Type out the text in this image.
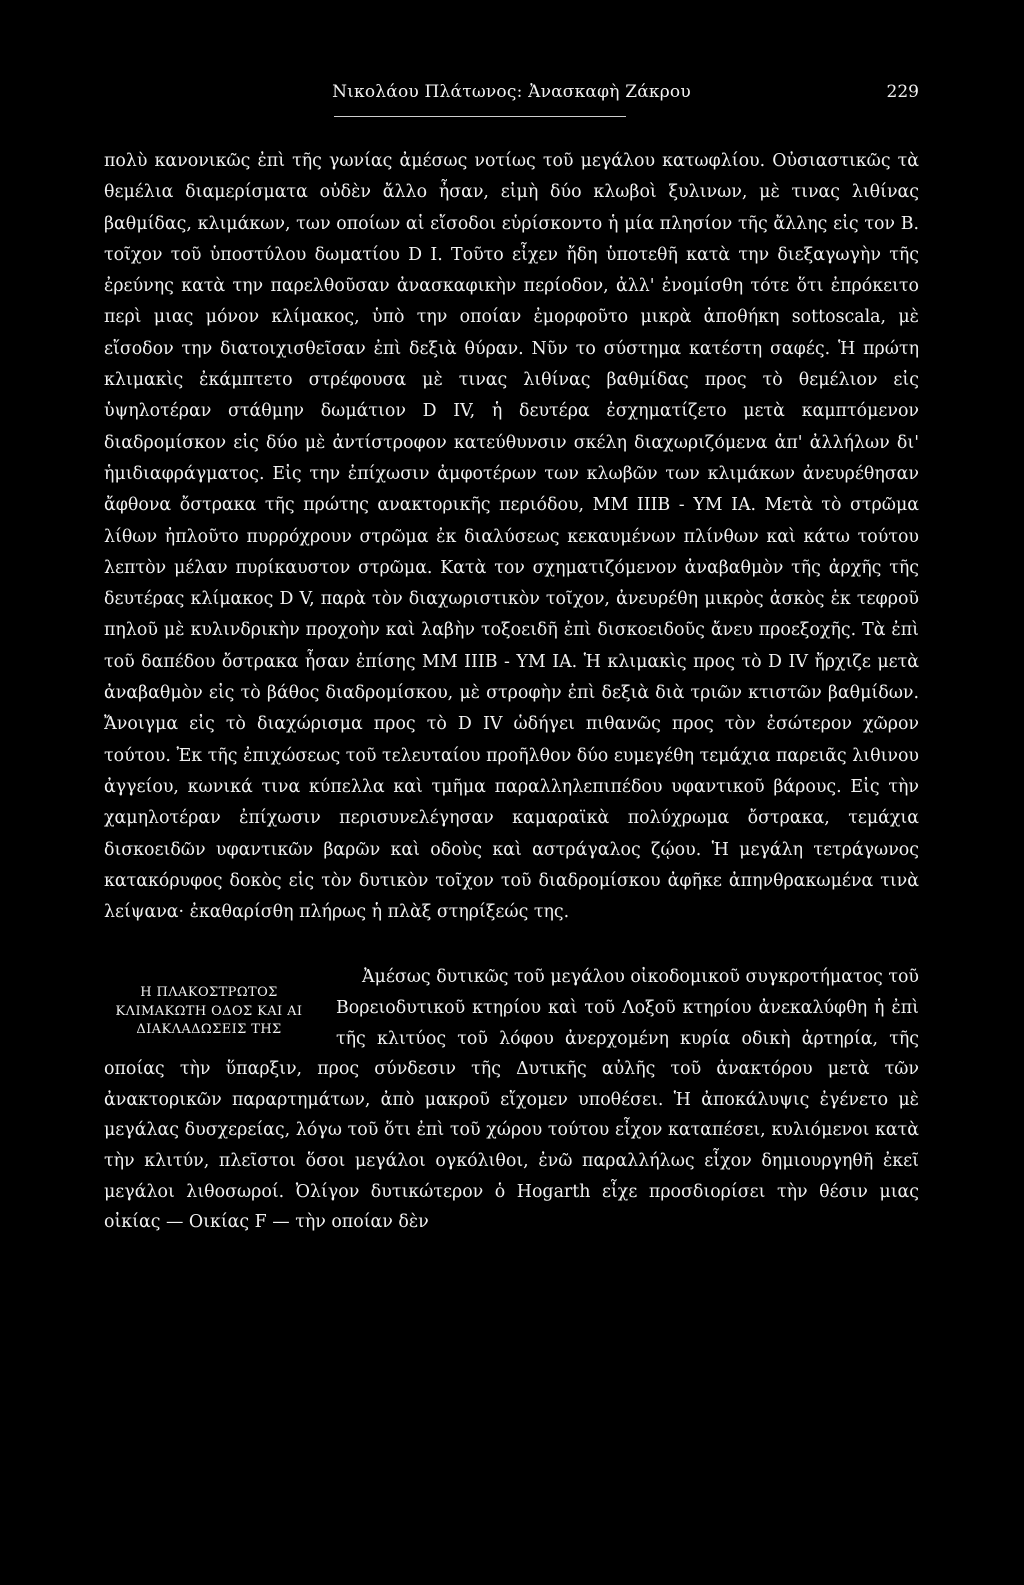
Νικολάου Πλάτωνος: Ἀνασκαφὴ Ζάκρου	229

πολὺ κανονικῶς ἐπὶ τῆς γωνίας ἀμέσως νοτίως τοῦ μεγάλου κατωφλίου. Οὐσιαστικῶς τὰ θεμέλια διαμερίσματα οὐδὲν ἄλλο ἦσαν, εἰμὴ δύο κλωβοὶ ξυλινων, μὲ τινας λιθίνας βαθμίδας, κλιμάκων, των οποίων αἱ εἴσοδοι εὑρίσκοντο ἡ μία πλησίον τῆς ἄλλης εἰς τον Β. τοῖχον τοῦ ὑποστύλου δωματίου D I. Τοῦτο εἶχεν ἤδη ὑποτεθῆ κατὰ την διεξαγωγὴν τῆς ἐρεύνης κατὰ την παρελθοῦσαν ἀνασκαφικὴν περίοδον, ἀλλ' ἐνομίσθη τότε ὅτι ἐπρόκειτο περὶ μιας μόνον κλίμακος, ὑπὸ την οποίαν ἐμορφοῦτο μικρὰ ἀποθήκη sottoscala, μὲ εἴσοδον την διατοιχισθεῖσαν ἐπὶ δεξιὰ θύραν. Νῦν το σύστημα κατέστη σαφές. Ἡ πρώτη κλιμακὶς ἐκάμπτετο στρέφουσα μὲ τινας λιθίνας βαθμίδας προς τὸ θεμέλιον εἰς ὑψηλοτέραν στάθμην δωμάτιον D IV, ἡ δευτέρα ἐσχηματίζετο μετὰ καμπτόμενον διαδρομίσκον εἰς δύο μὲ ἀντίστροφον κατεύθυνσιν σκέλη διαχωριζόμενα ἀπ' ἀλλήλων δι' ἡμιδιαφράγματος. Εἰς την ἐπίχωσιν ἀμφοτέρων των κλωβῶν των κλιμάκων ἀνευρέθησαν ἄφθονα ὄστρακα τῆς πρώτης ανακτορικῆς περιόδου, ΜΜ ΙΙΙΒ - ΥΜ ΙΑ. Μετὰ τὸ στρῶμα λίθων ἠπλοῦτο πυρρόχρουν στρῶμα ἐκ διαλύσεως κεκαυμένων πλίνθων καὶ κάτω τούτου λεπτὸν μέλαν πυρίκαυστον στρῶμα. Κατὰ τον σχηματιζόμενον ἀναβαθμὸν τῆς ἀρχῆς τῆς δευτέρας κλίμακος D V, παρὰ τὸν διαχωριστικὸν τοῖχον, ἀνευρέθη μικρὸς ἀσκὸς ἐκ τεφροῦ πηλοῦ μὲ κυλινδρικὴν προχοὴν καὶ λαβὴν τοξοειδῆ ἐπὶ δισκοειδοῦς ἄνευ προεξοχῆς. Τὰ ἐπὶ τοῦ δαπέδου ὄστρακα ἦσαν ἐπίσης ΜΜ ΙΙΙΒ - ΥΜ ΙΑ. Ἡ κλιμακὶς προς τὸ D IV ἤρχιζε μετὰ ἀναβαθμὸν εἰς τὸ βάθος διαδρομίσκου, μὲ στροφὴν ἐπὶ δεξιὰ διὰ τριῶν κτιστῶν βαθμίδων. Ἄνοιγμα εἰς τὸ διαχώρισμα προς τὸ D IV ὡδήγει πιθανῶς προς τὸν ἐσώτερον χῶρον τούτου. Ἐκ τῆς ἐπιχώσεως τοῦ τελευταίου προῆλθον δύο ευμεγέθη τεμάχια παρειᾶς λιθινου ἀγγείου, κωνικά τινα κύπελλα καὶ τμῆμα παραλληλεπιπέδου υφαντικοῦ βάρους. Εἰς τὴν χαμηλοτέραν ἐπίχωσιν περισυνελέγησαν καμαραϊκὰ πολύχρωμα ὄστρακα, τεμάχια δισκοειδῶν υφαντικῶν βαρῶν καὶ οδοὺς καὶ αστράγαλος ζῴου. Ἡ μεγάλη τετράγωνος κατακόρυφος δοκὸς εἰς τὸν δυτικὸν τοῖχον τοῦ διαδρομίσκου ἀφῆκε ἀπηνθρακωμένα τινὰ λείψανα· ἐκαθαρίσθη πλήρως ἡ πλὰξ στηρίξεώς της.

Η ΠΛΑΚΟΣΤΡΩΤΟΣ ΚΛΙΜΑΚΩΤΗ ΟΔΟΣ ΚΑΙ ΑΙ ΔΙΑΚΛΑΔΩΣΕΙΣ ΤΗΣ
Ἀμέσως δυτικῶς τοῦ μεγάλου οἰκοδομικοῦ συγκροτήματος τοῦ Βορειοδυτικοῦ κτηρίου καὶ τοῦ Λοξοῦ κτηρίου ἀνεκαλύφθη ἡ ἐπὶ τῆς κλιτύος τοῦ λόφου ἀνερχομένη κυρία οδικὴ ἀρτηρία, τῆς οποίας τὴν ὕπαρξιν, προς σύνδεσιν τῆς Δυτικῆς αὐλῆς τοῦ ἀνακτόρου μετὰ τῶν ἀνακτορικῶν παραρτημάτων, ἀπὸ μακροῦ εἴχομεν υποθέσει. Ἡ ἀποκάλυψις ἐγένετο μὲ μεγάλας δυσχερείας, λόγω τοῦ ὅτι ἐπὶ τοῦ χώρου τούτου εἶχον καταπέσει, κυλιόμενοι κατὰ τὴν κλιτύν, πλεῖστοι ὅσοι μεγάλοι ογκόλιθοι, ἐνῶ παραλλήλως εἶχον δημιουργηθῆ ἐκεῖ μεγάλοι λιθοσωροί. Ὀλίγον δυτικώτερον ὁ Hogarth εἶχε προσδιορίσει τὴν θέσιν μιας οἰκίας — Οικίας F — τὴν οποίαν δὲν
